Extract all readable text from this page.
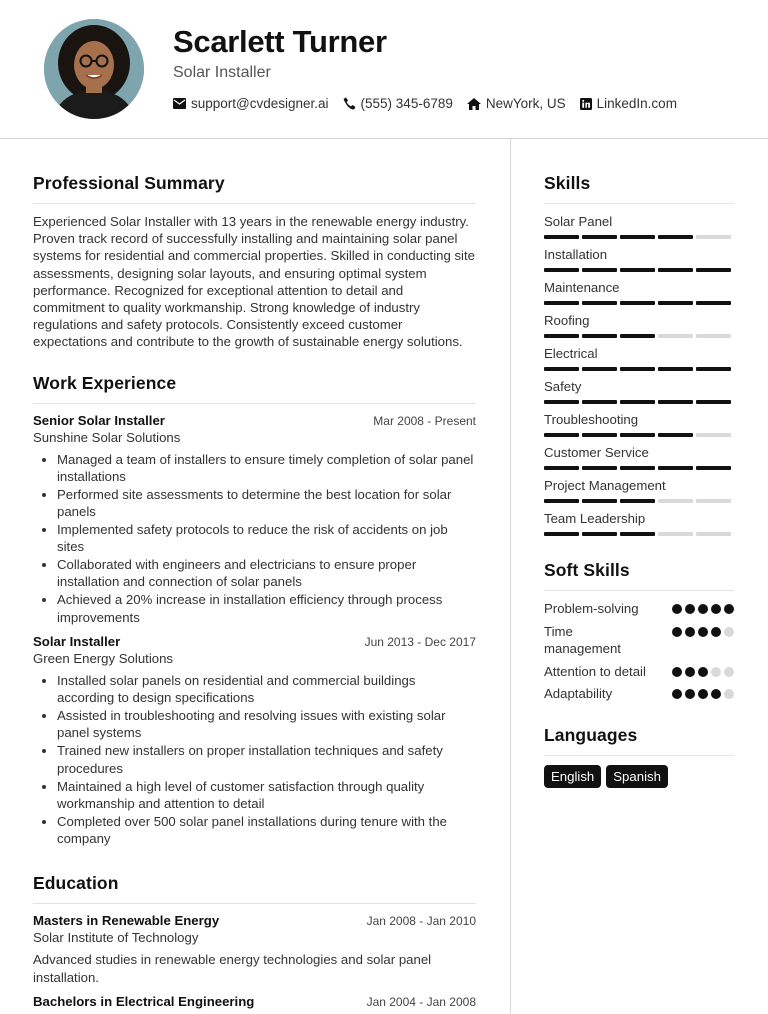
Scarlett Turner
Solar Installer
support@cvdesigner.ai (555) 345-6789 NewYork, US LinkedIn.com
Professional Summary
Experienced Solar Installer with 13 years in the renewable energy industry. Proven track record of successfully installing and maintaining solar panel systems for residential and commercial properties. Skilled in conducting site assessments, designing solar layouts, and ensuring optimal system performance. Recognized for exceptional attention to detail and commitment to quality workmanship. Strong knowledge of industry regulations and safety protocols. Consistently exceed customer expectations and contribute to the growth of sustainable energy solutions.
Work Experience
Senior Solar Installer	Mar 2008 - Present
Sunshine Solar Solutions
• Managed a team of installers to ensure timely completion of solar panel installations
• Performed site assessments to determine the best location for solar panels
• Implemented safety protocols to reduce the risk of accidents on job sites
• Collaborated with engineers and electricians to ensure proper installation and connection of solar panels
• Achieved a 20% increase in installation efficiency through process improvements
Solar Installer	Jun 2013 - Dec 2017
Green Energy Solutions
• Installed solar panels on residential and commercial buildings according to design specifications
• Assisted in troubleshooting and resolving issues with existing solar panel systems
• Trained new installers on proper installation techniques and safety procedures
• Maintained a high level of customer satisfaction through quality workmanship and attention to detail
• Completed over 500 solar panel installations during tenure with the company
Education
Masters in Renewable Energy	Jan 2008 - Jan 2010
Solar Institute of Technology
Advanced studies in renewable energy technologies and solar panel installation.
Bachelors in Electrical Engineering	Jan 2004 - Jan 2008
Skills
Solar Panel
Installation
Maintenance
Roofing
Electrical
Safety
Troubleshooting
Customer Service
Project Management
Team Leadership
Soft Skills
Problem-solving
Time management
Attention to detail
Adaptability
Languages
English	Spanish
